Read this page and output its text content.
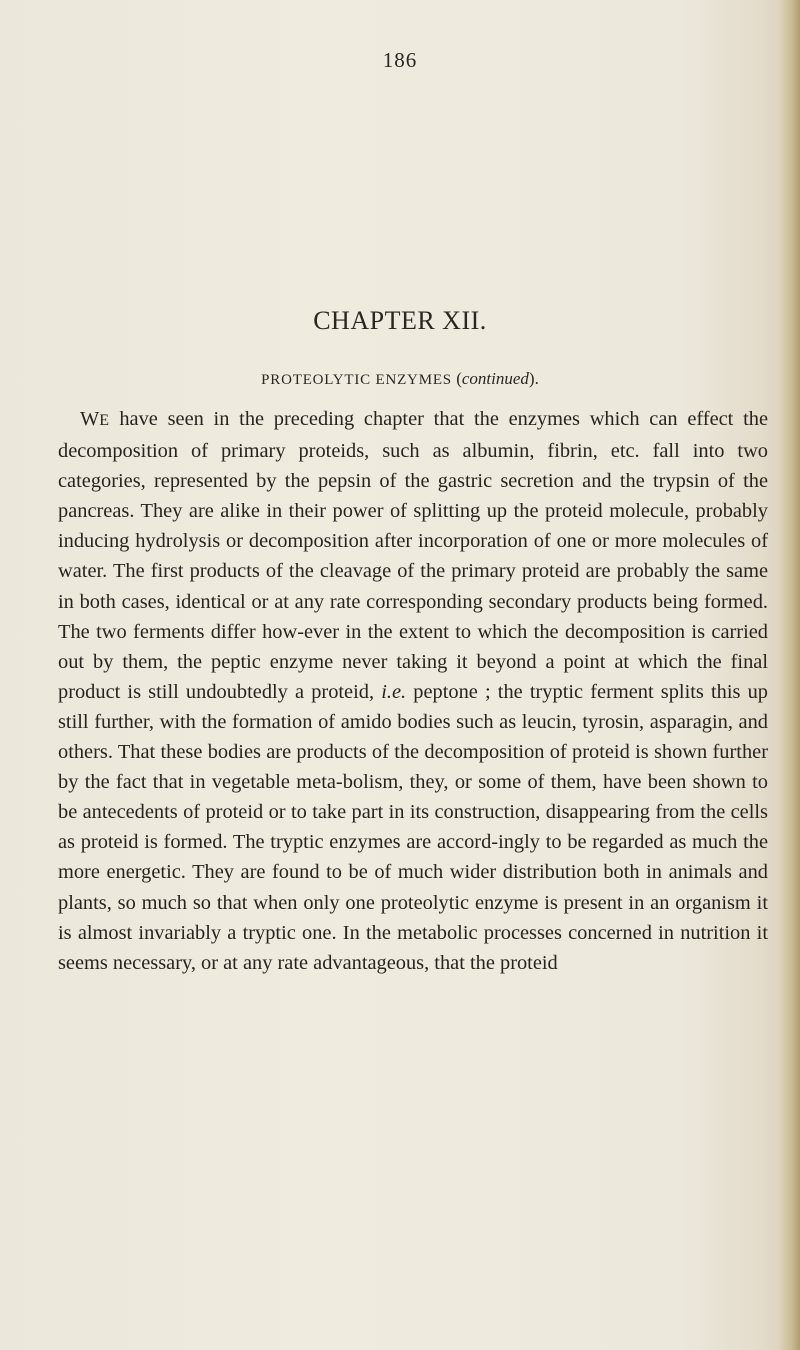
186
CHAPTER XII.
PROTEOLYTIC ENZYMES (continued).

WE have seen in the preceding chapter that the enzymes which can effect the decomposition of primary proteids, such as albumin, fibrin, etc. fall into two categories, represented by the pepsin of the gastric secretion and the trypsin of the pancreas. They are alike in their power of splitting up the proteid molecule, probably inducing hydrolysis or decomposition after incorporation of one or more molecules of water. The first products of the cleavage of the primary proteid are probably the same in both cases, identical or at any rate corresponding secondary products being formed. The two ferments differ how-ever in the extent to which the decomposition is carried out by them, the peptic enzyme never taking it beyond a point at which the final product is still undoubtedly a proteid, i.e. peptone ; the tryptic ferment splits this up still further, with the formation of amido bodies such as leucin, tyrosin, asparagin, and others. That these bodies are products of the decomposition of proteid is shown further by the fact that in vegetable meta-bolism, they, or some of them, have been shown to be antecedents of proteid or to take part in its construction, disappearing from the cells as proteid is formed. The tryptic enzymes are accord-ingly to be regarded as much the more energetic. They are found to be of much wider distribution both in animals and plants, so much so that when only one proteolytic enzyme is present in an organism it is almost invariably a tryptic one. In the metabolic processes concerned in nutrition it seems necessary, or at any rate advantageous, that the proteid
